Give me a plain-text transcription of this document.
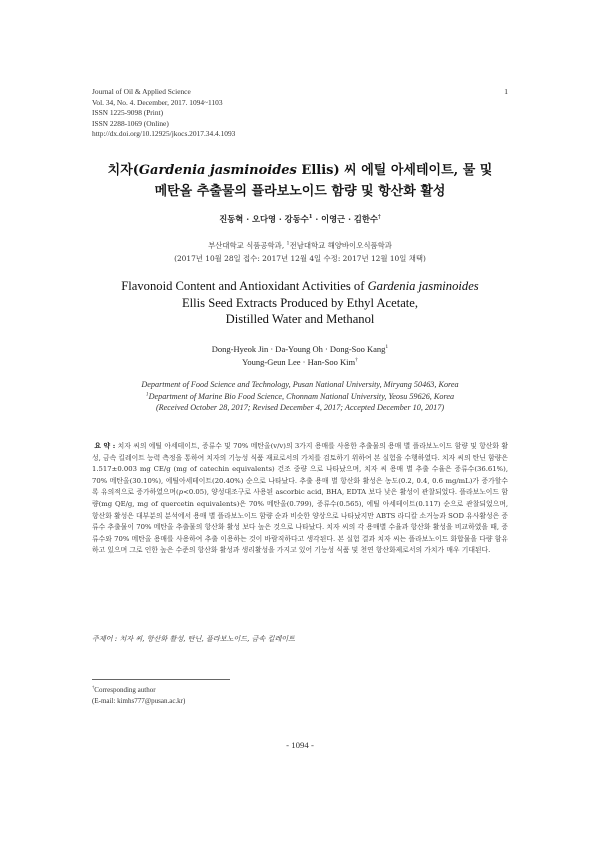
Journal of Oil & Applied Science
Vol. 34, No. 4. December, 2017. 1094~1103
ISSN 1225-9098 (Print)
ISSN 2288-1069 (Online)
http://dx.doi.org/10.12925/jkocs.2017.34.4.1093
1
치자(Gardenia jasminoides Ellis) 씨 에틸 아세테이트, 물 및
메탄올 추출물의 플라보노이드 함량 및 항산화 활성
진동혁 · 오다영 · 강동수$^1$ · 이영근 · 김한수†
부산대학교 식품공학과, $^1$전남대학교 해양바이오식품학과
(2017년 10월 28일 접수: 2017년 12월 4일 수정: 2017년 12월 10일 채택)
Flavonoid Content and Antioxidant Activities of Gardenia jasminoides
Ellis Seed Extracts Produced by Ethyl Acetate,
Distilled Water and Methanol
Dong-Hyeok Jin · Da-Young Oh · Dong-Soo Kang$^1$
Young-Geun Lee · Han-Soo Kim†
Department of Food Science and Technology, Pusan National University, Miryang 50463, Korea
$^1$Department of Marine Bio Food Science, Chonnam National University, Yeosu 59626, Korea
(Received October 28, 2017; Revised December 4, 2017; Accepted December 10, 2017)
요 약 : 치자 씨의 에틸 아세테이트, 증류수 및 70% 메탄올(v/v)의 3가지 용매를 사용한 추출물의 용매 별 플라보노이드 함량 및 항산화 활성, 금속 킬레이트 능력 측정을 통하여 치자의 기능성 식품 재료로서의 가치를 검토하기 위하여 본 실험을 수행하였다. 치자 씨의 탄닌 함량은 1.517±0.003 mg CE/g (mg of catechin equivalents) 건조 중량 으로 나타났으며, 치자 씨 용매 별 추출 수율은 증류수(36.61%), 70% 메탄올(30.10%), 에틸아세테이트(20.40%) 순으로 나타났다. 추출 용매 별 항산화 활성은 농도(0.2, 0.4, 0.6 mg/mL)가 증가할수록 유의적으로 증가하였으며(p<0.05), 양성대조구로 사용된 ascorbic acid, BHA, EDTA 보다 낮은 활성이 관찰되었다. 플라보노이드 함량(mg QE/g, mg of quercetin equivalents)은 70% 메탄올(0.799), 증류수(0.565), 에틸 아세테이트(0.117) 순으로 관찰되었으며, 항산화 활성은 대부분의 분석에서 용매 별 플라보노이드 함량 순과 비슷한 양상으로 나타났지만 ABTS 라디칼 소거능과 SOD 유사활성은 증류수 추출물이 70% 메탄올 추출물의 항산화 활성 보다 높은 것으로 나타났다. 치자 씨의 각 용매별 수율과 항산화 활성을 비교하였을 때, 증류수와 70% 메탄올 용매를 사용하여 추출 이용하는 것이 바람직하다고 생각된다. 본 실험 결과 치자 씨는 플라보노이드 화합물을 다량 함유하고 있으며 그로 인한 높은 수준의 항산화 활성과 생리활성을 가지고 있어 기능성 식품 및 천연 항산화제로서의 가치가 매우 기대된다.
주제어 : 치자 씨, 항산화 활성, 탄닌, 플라보노이드, 금속 킬레이트
†Corresponding author
(E-mail: kimhs777@pusan.ac.kr)
- 1094 -
